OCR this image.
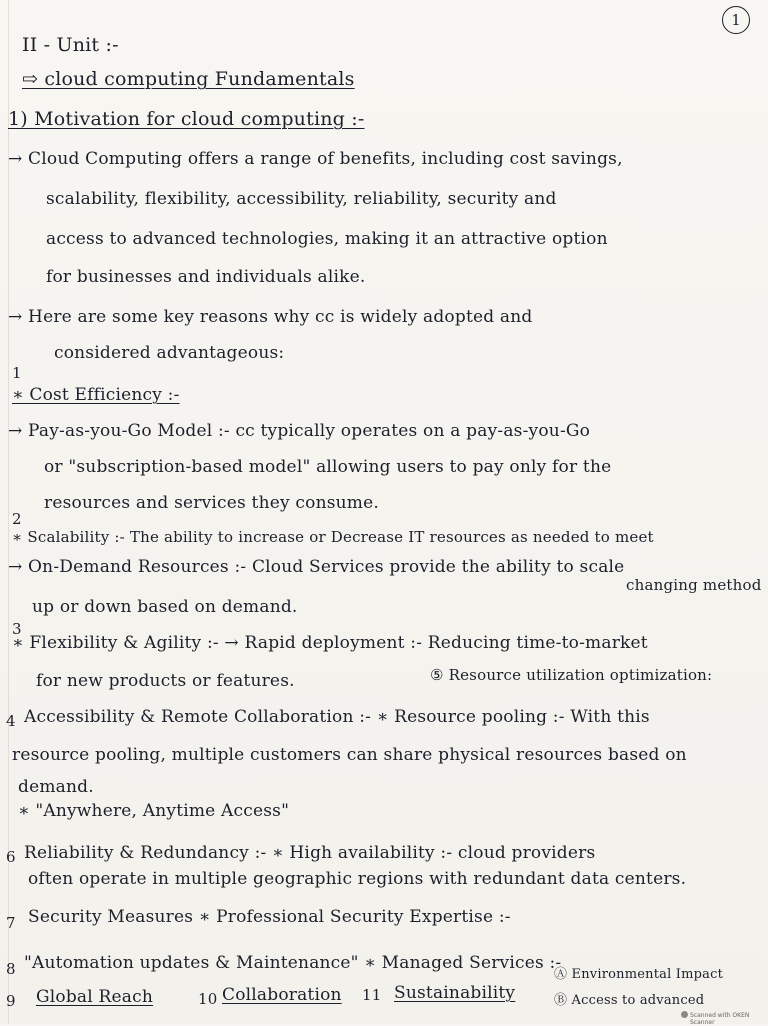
1
II - Unit :-
⇨ cloud computing Fundamentals
1) Motivation for cloud computing :-
→ Cloud Computing offers a range of benefits, including cost savings,
scalability, flexibility, accessibility, reliability, security and
access to advanced technologies, making it an attractive option
for businesses and individuals alike.
→ Here are some key reasons why cc is widely adopted and
considered advantageous:
1
∗ Cost Efficiency :-
→ Pay-as-you-Go Model :- cc typically operates on a pay-as-you-Go
or "subscription-based model" allowing users to pay only for the
resources and services they consume.
2
∗ Scalability :- The ability to increase or Decrease IT resources as needed to meet
→ On-Demand Resources :- Cloud Services provide the ability to scale
changing method
up or down based on demand.
3
∗ Flexibility & Agility :- → Rapid deployment :- Reducing time-to-market
for new products or features.	⑤ Resource utilization optimization:
4 Accessibility & Remote Collaboration :- ∗ Resource pooling :- With this
resource pooling, multiple customers can share physical resources based on
demand.
∗ "Anywhere, Anytime Access"
6 Reliability & Redundancy :- ∗ High availability :- cloud providers
often operate in multiple geographic regions with redundant data centers.
7 Security Measures ∗ Professional Security Expertise :-
8 "Automation updates & Maintenance" ∗ Managed Services :-
9 Global Reach	10 Collaboration 11 Sustainability
Ⓐ Environmental Impact
Ⓑ Access to advanced
Scanned with OKEN Scanner
